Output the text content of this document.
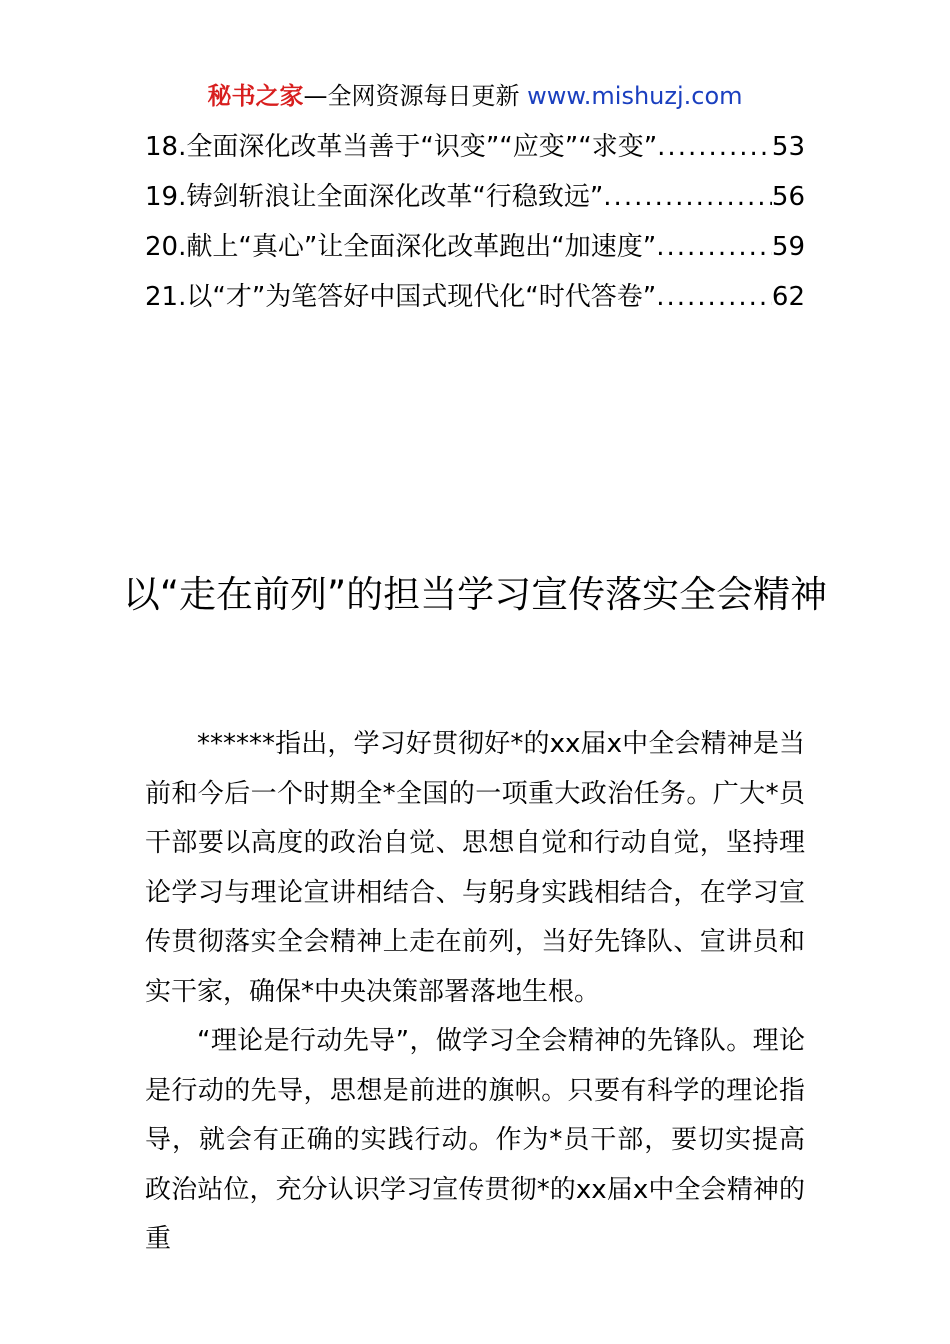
秘书之家—全网资源每日更新 www.mishuzj.com
18.全面深化改革当善于“识变”“应变”“求变” .....	53
19.铸剑斩浪让全面深化改革“行稳致远” .....	56
20.献上“真心”让全面深化改革跑出“加速度” .....	59
21.以“才”为笔答好中国式现代化“时代答卷” .....	62
以“走在前列”的担当学习宣传落实全会精神

******指出，学习好贯彻好*的xx届x中全会精神是当前和今后一个时期全*全国的一项重大政治任务。广大*员干部要以高度的政治自觉、思想自觉和行动自觉，坚持理论学习与理论宣讲相结合、与躬身实践相结合，在学习宣传贯彻落实全会精神上走在前列，当好先锋队、宣讲员和实干家，确保*中央决策部署落地生根。

“理论是行动先导”，做学习全会精神的先锋队。理论是行动的先导，思想是前进的旗帜。只要有科学的理论指导，就会有正确的实践行动。作为*员干部，要切实提高政治站位，充分认识学习宣传贯彻*的xx届x中全会精神的重
